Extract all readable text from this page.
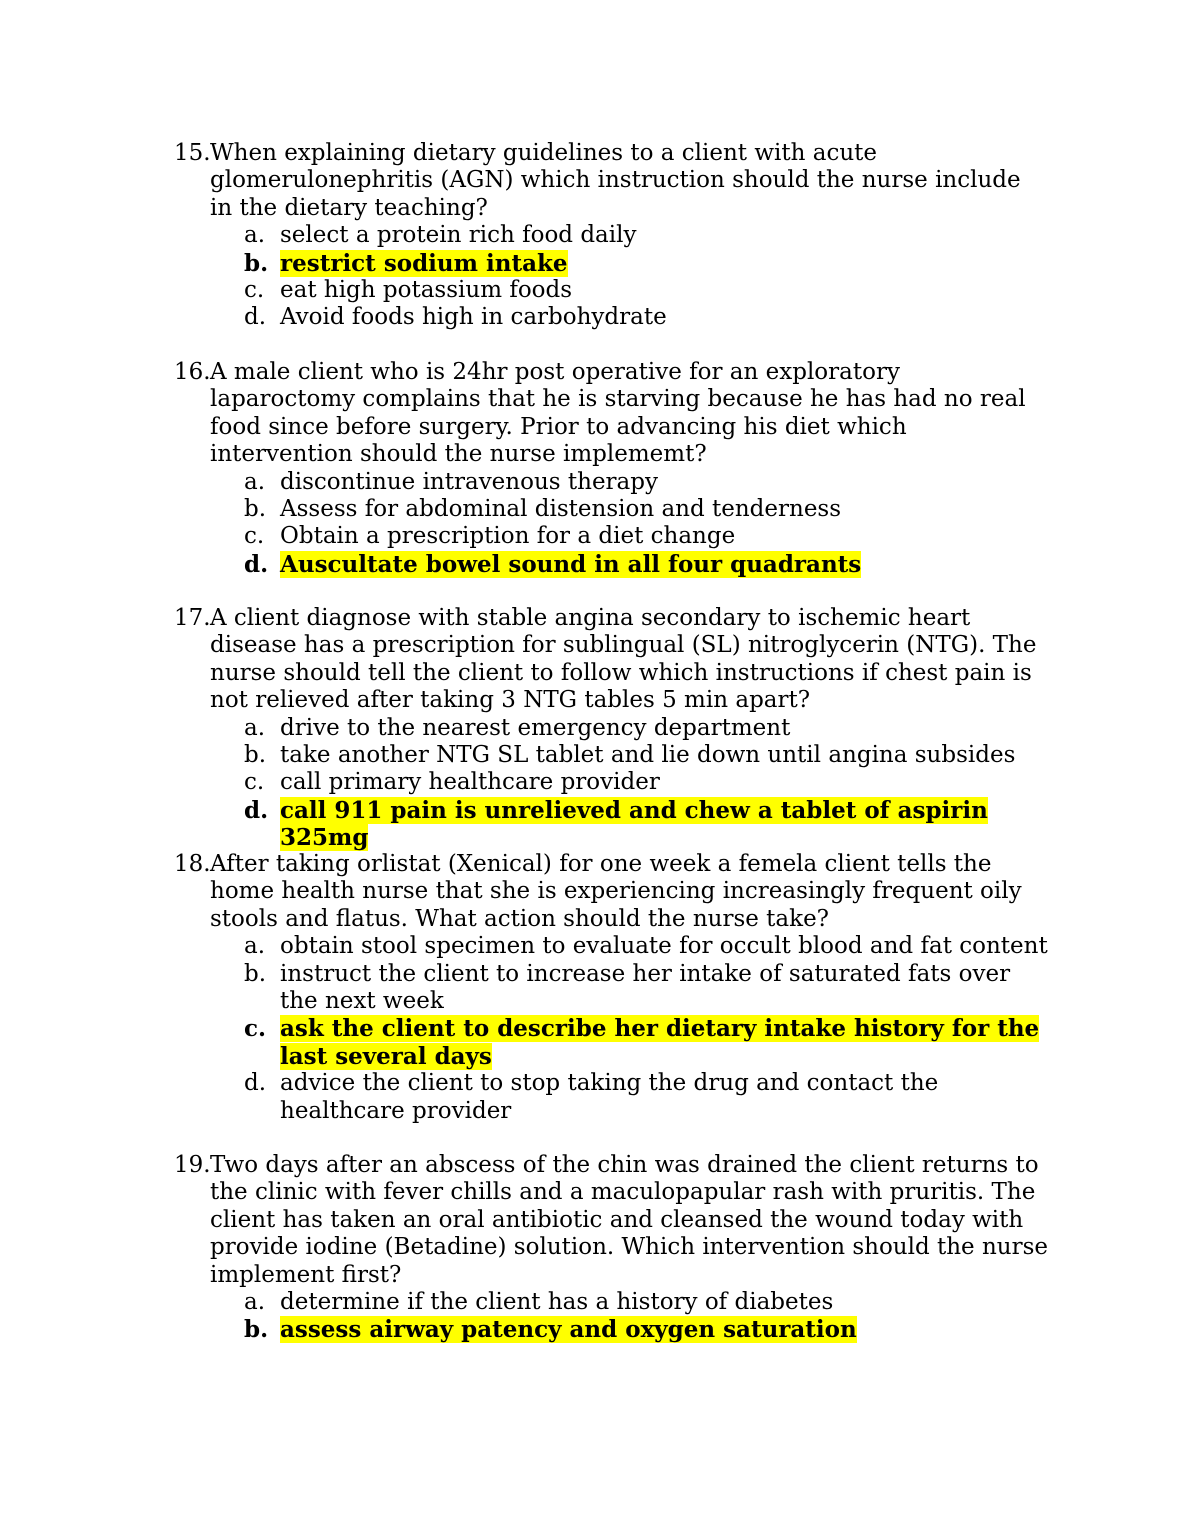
15. When explaining dietary guidelines to a client with acute glomerulonephritis (AGN) which instruction should the nurse include in the dietary teaching?
a. select a protein rich food daily
b. restrict sodium intake
c. eat high potassium foods
d. Avoid foods high in carbohydrate
16. A male client who is 24hr post operative for an exploratory laparoctomy complains that he is starving because he has had no real food since before surgery. Prior to advancing his diet which intervention should the nurse implememt?
a. discontinue intravenous therapy
b. Assess for abdominal distension and tenderness
c. Obtain a prescription for a diet change
d. Auscultate bowel sound in all four quadrants
17. A client diagnose with stable angina secondary to ischemic heart disease has a prescription for sublingual (SL) nitroglycerin (NTG). The nurse should tell the client to follow which instructions if chest pain is not relieved after taking 3 NTG tables 5 min apart?
a. drive to the nearest emergency department
b. take another NTG SL tablet and lie down until angina subsides
c. call primary healthcare provider
d. call 911 pain is unrelieved and chew a tablet of aspirin 325mg
18. After taking orlistat (Xenical) for one week a femela client tells the home health nurse that she is experiencing increasingly frequent oily stools and flatus. What action should the nurse take?
a. obtain stool specimen to evaluate for occult blood and fat content
b. instruct the client to increase her intake of saturated fats over the next week
c. ask the client to describe her dietary intake history for the last several days
d. advice the client to stop taking the drug and contact the healthcare provider
19. Two days after an abscess of the chin was drained the client returns to the clinic with fever chills and a maculopapular rash with pruritis. The client has taken an oral antibiotic and cleansed the wound today with provide iodine (Betadine) solution. Which intervention should the nurse implement first?
a. determine if the client has a history of diabetes
b. assess airway patency and oxygen saturation
